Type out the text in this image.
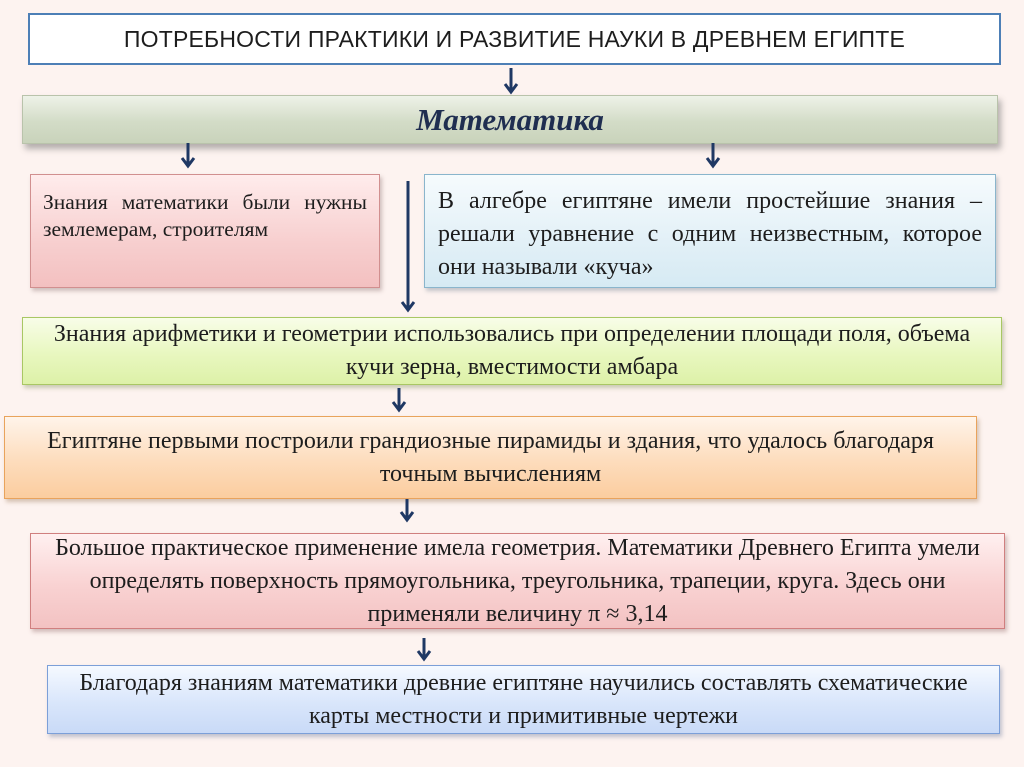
ПОТРЕБНОСТИ ПРАКТИКИ И РАЗВИТИЕ НАУКИ В ДРЕВНЕМ ЕГИПТЕ
Математика
Знания математики были нужны землемерам, строителям
В алгебре египтяне имели простейшие знания – решали уравнение с одним неизвестным, которое они называли «куча»
Знания арифметики и геометрии использовались при определении площади поля, объема кучи зерна, вместимости амбара
Египтяне первыми построили грандиозные пирамиды и здания, что удалось благодаря точным вычислениям
Большое практическое применение имела геометрия. Математики Древнего Египта умели определять поверхность прямоугольника, треугольника, трапеции, круга. Здесь они применяли величину π ≈ 3,14
Благодаря знаниям математики древние египтяне научились составлять схематические карты местности и примитивные чертежи
